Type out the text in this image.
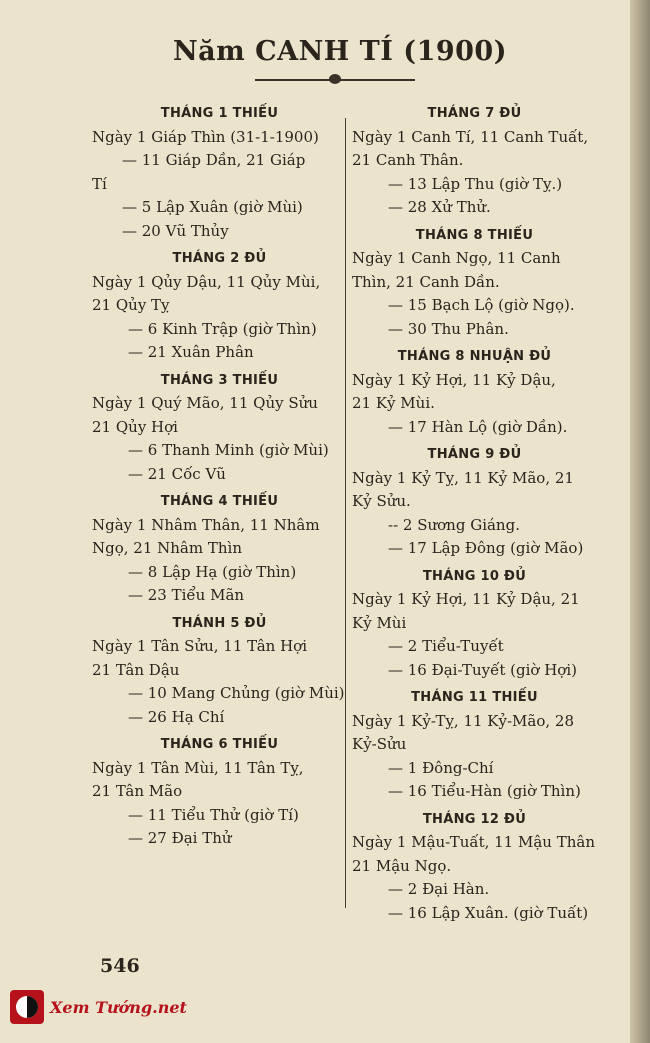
Năm CANH TÍ (1900)
THÁNG 1 THIẾU
Ngày 1 Giáp Thìn (31-1-1900)
— 11 Giáp Dần, 21 Giáp
Tí
— 5 Lập Xuân (giờ Mùi)
— 20 Vũ Thủy
THÁNG 2 ĐỦ
Ngày 1 Qủy Dậu, 11 Qủy Mùi,
21 Qủy Tỵ
— 6 Kinh Trập (giờ Thìn)
— 21 Xuân Phân
THÁNG 3 THIẾU
Ngày 1 Quý Mão, 11 Qủy Sửu
21 Qủy Hợi
— 6 Thanh Minh (giờ Mùi)
— 21 Cốc Vũ
THÁNG 4 THIẾU
Ngày 1 Nhâm Thân, 11 Nhâm
Ngọ, 21 Nhâm Thìn
— 8 Lập Hạ (giờ Thìn)
— 23 Tiểu Mãn
THÁNH 5 ĐỦ
Ngày 1 Tân Sửu, 11 Tân Hợi
21 Tân Dậu
— 10 Mang Chủng (giờ Mùi)
— 26 Hạ Chí
THÁNG 6 THIẾU
Ngày 1 Tân Mùi, 11 Tân Tỵ,
21 Tân Mão
— 11 Tiểu Thử (giờ Tí)
— 27 Đại Thử
THÁNG 7 ĐỦ
Ngày 1 Canh Tí, 11 Canh Tuất,
21 Canh Thân.
— 13 Lập Thu (giờ Tỵ.)
— 28 Xử Thử.
THÁNG 8 THIẾU
Ngày 1 Canh Ngọ, 11 Canh
Thìn, 21 Canh Dần.
— 15 Bạch Lộ (giờ Ngọ).
— 30 Thu Phân.
THÁNG 8 NHUẬN ĐỦ
Ngày 1 Kỷ Hợi, 11 Kỷ Dậu,
21 Kỷ Mùi.
— 17 Hàn Lộ (giờ Dần).
THÁNG 9 ĐỦ
Ngày 1 Kỷ Tỵ, 11 Kỷ Mão, 21
Kỷ Sửu.
-- 2 Sương Giáng.
— 17 Lập Đông (giờ Mão)
THÁNG 10 ĐỦ
Ngày 1 Kỷ Hợi, 11 Kỷ Dậu, 21
Kỷ Mùi
— 2 Tiểu-Tuyết
— 16 Đại-Tuyết (giờ Hợi)
THÁNG 11 THIẾU
Ngày 1 Kỷ-Tỵ, 11 Kỷ-Mão, 28
Kỷ-Sửu
— 1 Đông-Chí
— 16 Tiểu-Hàn (giờ Thìn)
THÁNG 12 ĐỦ
Ngày 1 Mậu-Tuất, 11 Mậu Thân
21 Mậu Ngọ.
— 2 Đại Hàn.
— 16 Lập Xuân. (giờ Tuất)
546
Xem Tướng.net
